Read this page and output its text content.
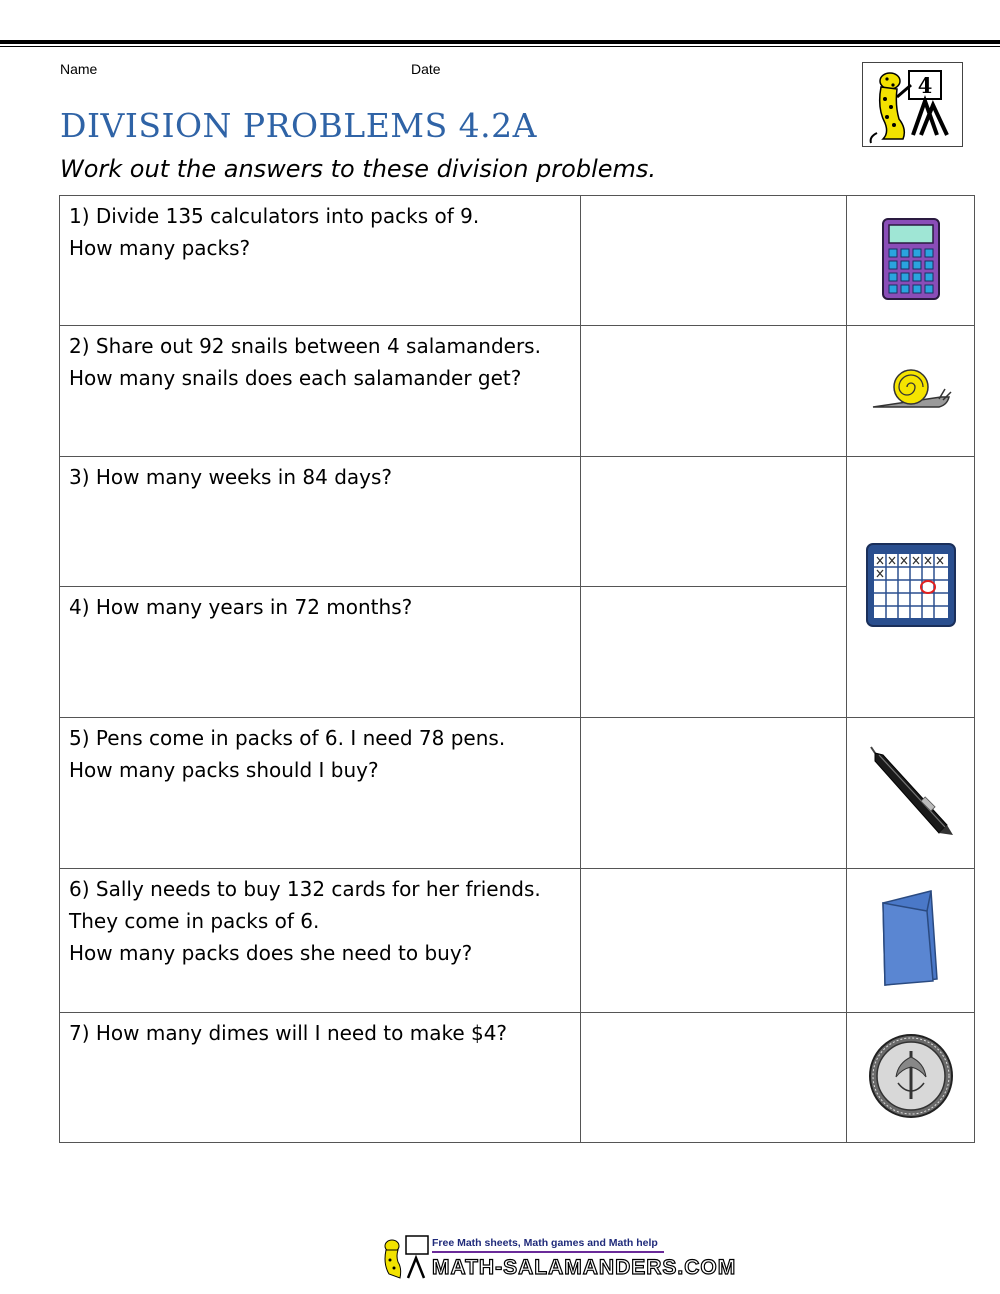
Name	Date
DIVISION PROBLEMS 4.2A
Work out the answers to these division problems.
4
1) Divide 135 calculators into packs of 9.
How many packs?

2) Share out 92 snails between 4 salamanders.
How many snails does each salamander get?

3) How many weeks in 84 days?

4) How many years in 72 months?		

5) Pens come in packs of 6. I need 78 pens.
How many packs should I buy?

6) Sally needs to buy 132 cards for her friends.
They come in packs of 6.
How many packs does she need to buy?

7) How many dimes will I need to make $4?

Free Math sheets, Math games and Math help
MATH-SALAMANDERS.COM
